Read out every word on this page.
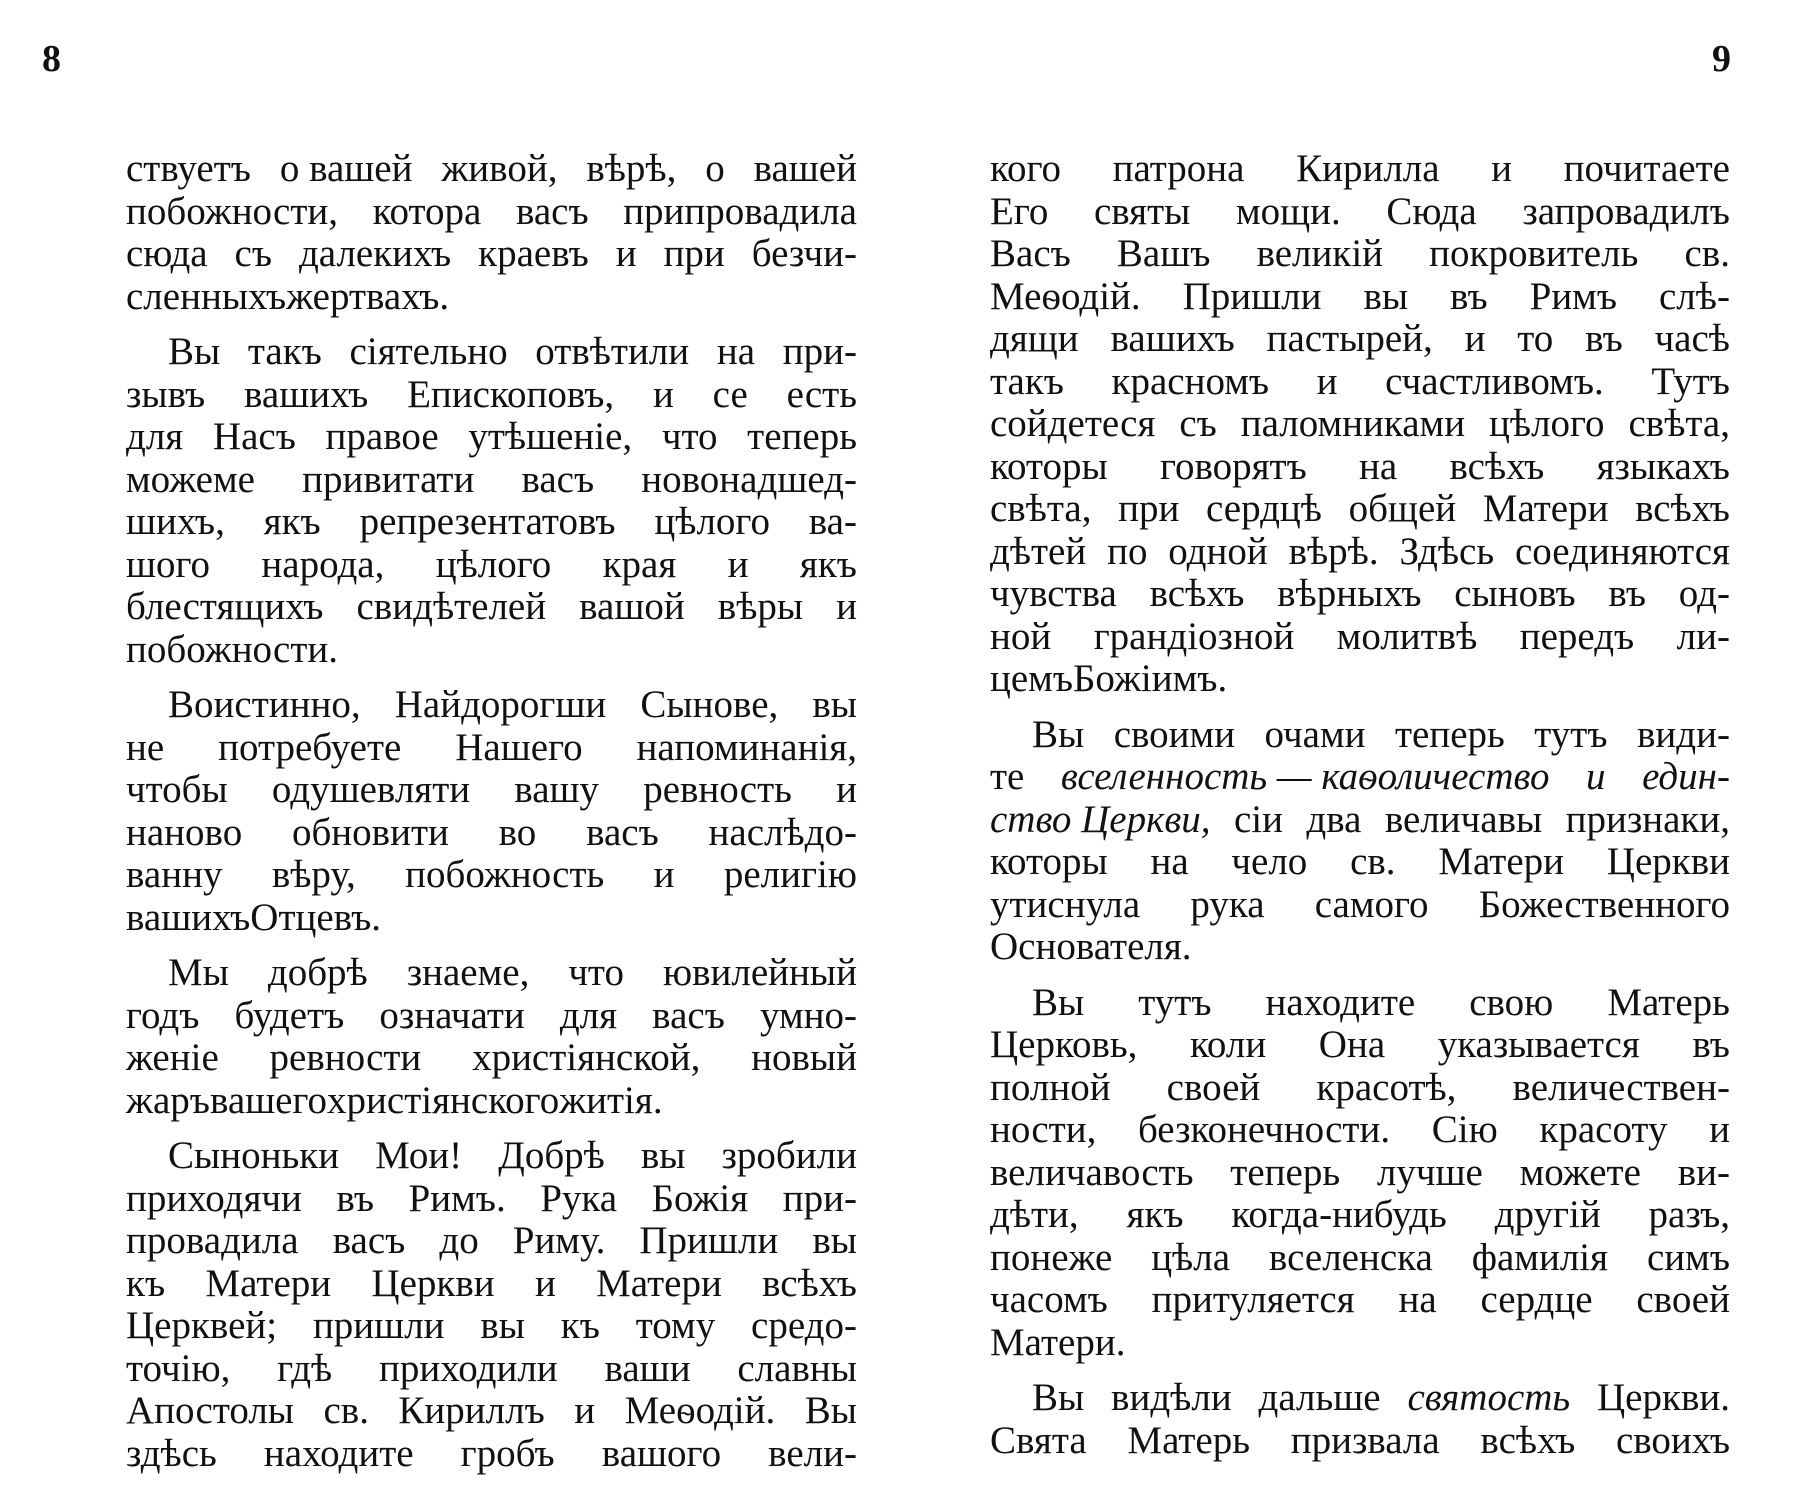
8	9
ствуетъ о вашей живой, вѣрѣ, о вашей
побожности, котора васъ припровадила
сюда съ далекихъ краевъ и при безчи-
сленныхъ жертвахъ.
Вы такъ сіятельно отвѣтили на при-
зывъ вашихъ Епископовъ, и се есть
для Насъ правое утѣшеніе, что теперь
можеме привитати васъ новонадшед-
шихъ, якъ репрезентатовъ цѣлого ва-
шого народа, цѣлого края и якъ
блестящихъ свидѣтелей вашой вѣры и
побожности.
Воистинно, Найдорогши Сынове, вы
не потребуете Нашего напоминанія,
чтобы одушевляти вашу ревность и
наново обновити во васъ наслѣдо-
ванну вѣру, побожность и религію
вашихъ Отцевъ.
Мы добрѣ знаеме, что ювилейный
годъ будетъ означати для васъ умно-
женіе ревности христіянской, новый
жаръ вашего христіянского житія.
Сыноньки Мои! Добрѣ вы зробили
приходячи въ Римъ. Рука Божія при-
провадила васъ до Риму. Пришли вы
къ Матери Церкви и Матери всѣхъ
Церквей; пришли вы къ тому средо-
точію, гдѣ приходили ваши славны
Апостолы св. Кириллъ и Меѳодій. Вы
здѣсь находите гробъ вашого вели-
кого патрона Кирилла и почитаете
Его святы мощи. Сюда запровадилъ
Васъ Вашъ великій покровитель св.
Меѳодій. Пришли вы въ Римъ слѣ-
дящи вашихъ пастырей, и то въ часѣ
такъ красномъ и счастливомъ. Тутъ
сойдетеся съ паломниками цѣлого свѣта,
которы говорятъ на всѣхъ языкахъ
свѣта, при сердцѣ общей Матери всѣхъ
дѣтей по одной вѣрѣ. Здѣсь соединяются
чувства всѣхъ вѣрныхъ сыновъ въ од-
ной грандіозной молитвѣ передъ ли-
цемъ Божіимъ.
Вы своими очами теперь тутъ види-
те вселенность — каѳоличество и един-
ство Церкви, сіи два величавы признаки,
которы на чело св. Матери Церкви
утиснула рука самого Божественного
Основателя.
Вы тутъ находите свою Матерь
Церковь, коли Она указывается въ
полной своей красотѣ, величествен-
ности, безконечности. Сію красоту и
величавость теперь лучше можете ви-
дѣти, якъ когда-нибудь другій разъ,
понеже цѣла вселенска фамилія симъ
часомъ притуляется на сердце своей
Матери.
Вы видѣли дальше святость Церкви.
Свята Матерь призвала всѣхъ своихъ
